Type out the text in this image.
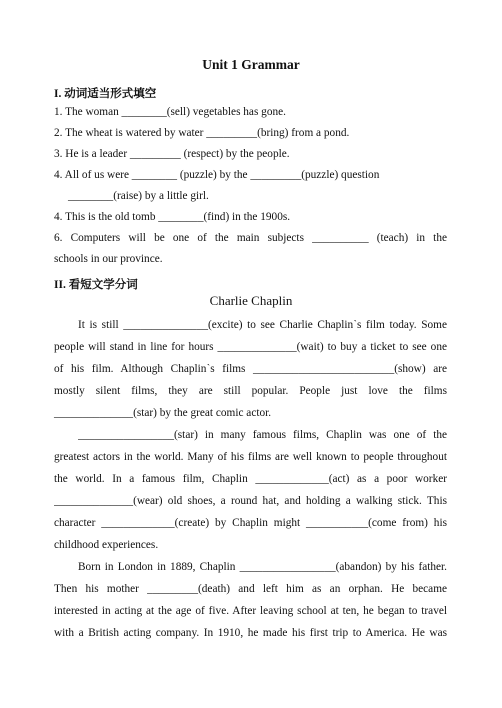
Unit 1 Grammar
I. 动词适当形式填空
1. The woman ________(sell) vegetables has gone.
2. The wheat is watered by water _________(bring) from a pond.
3. He is a leader _________ (respect) by the people.
4. All of us were ________ (puzzle) by the _________(puzzle) question
________(raise) by a little girl.
4. This is the old tomb ________(find) in the 1900s.
6. Computers will be one of the main subjects __________ (teach) in the
schools in our province.
II. 看短文学分词
Charlie Chaplin
It is still _______________(excite) to see Charlie Chaplin`s film today. Some
people will stand in line for hours ______________(wait) to buy a ticket to see one
of his film. Although Chaplin`s films _________________________(show) are
mostly silent films, they are still popular. People just love the films
______________(star) by the great comic actor.
_________________(star) in many famous films, Chaplin was one of the
greatest actors in the world. Many of his films are well known to people throughout
the world. In a famous film, Chaplin _____________(act) as a poor worker
______________(wear) old shoes, a round hat, and holding a walking stick. This
character _____________(create) by Chaplin might ___________(come from) his
childhood experiences.
Born in London in 1889, Chaplin _________________(abandon) by his father.
Then his mother _________(death) and left him as an orphan. He became
interested in acting at the age of five. After leaving school at ten, he began to travel
with a British acting company. In 1910, he made his first trip to America. He was
